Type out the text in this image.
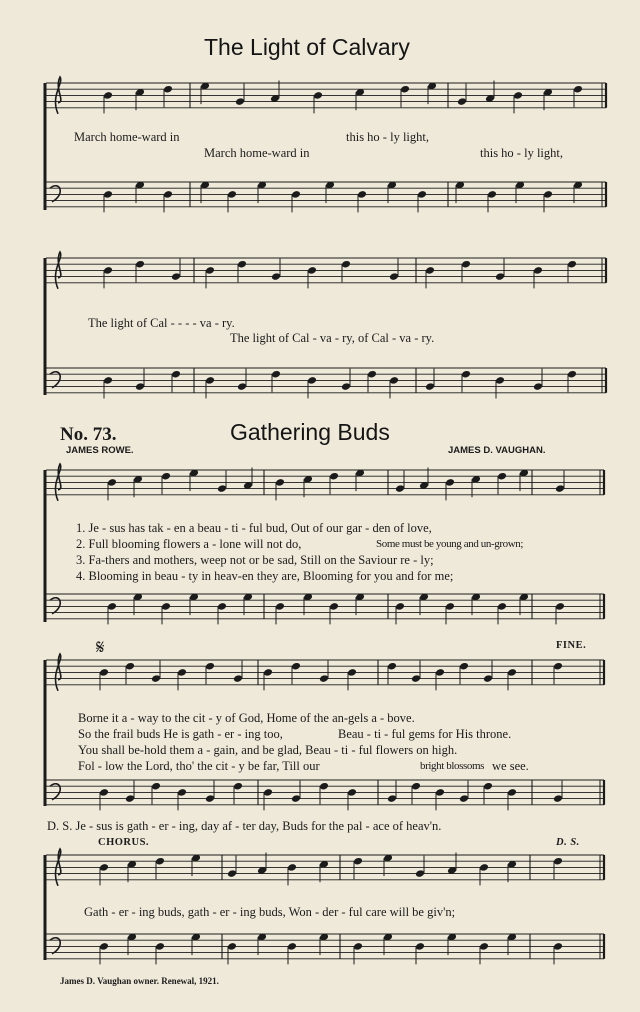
The Light of Calvary
March home-ward in	this ho - ly light,
March home-ward in	this ho - ly light,
The light of Cal - - - - va - ry.
The light of Cal - va - ry, of Cal - va - ry.
No. 73.	Gathering Buds
JAMES ROWE.	JAMES D. VAUGHAN.
1. Je - sus has tak - en a beau - ti - ful bud, Out of our gar - den of love,
2. Full blooming flowers a - lone will not do,	Some must be young and un-grown;
3. Fa-thers and mothers, weep not or be sad, Still on the Saviour re - ly;
4. Blooming in beau - ty in heav-en they are, Blooming for you and for me;
𝄋	FINE.
Borne it a - way to the cit - y of God, Home of the an-gels a - bove.
So the frail buds He is gath - er - ing too,	Beau - ti - ful gems for His throne.
You shall be-hold them a - gain, and be glad, Beau - ti - ful flowers on high.
Fol - low the Lord, tho' the cit - y be far, Till our	bright blossoms we see.
D. S. Je - sus is gath - er - ing, day af - ter day, Buds for the pal - ace of heav'n.
CHORUS.	D. S.
Gath - er - ing buds, gath - er - ing buds, Won - der - ful care will be giv'n;
James D. Vaughan owner. Renewal, 1921.
